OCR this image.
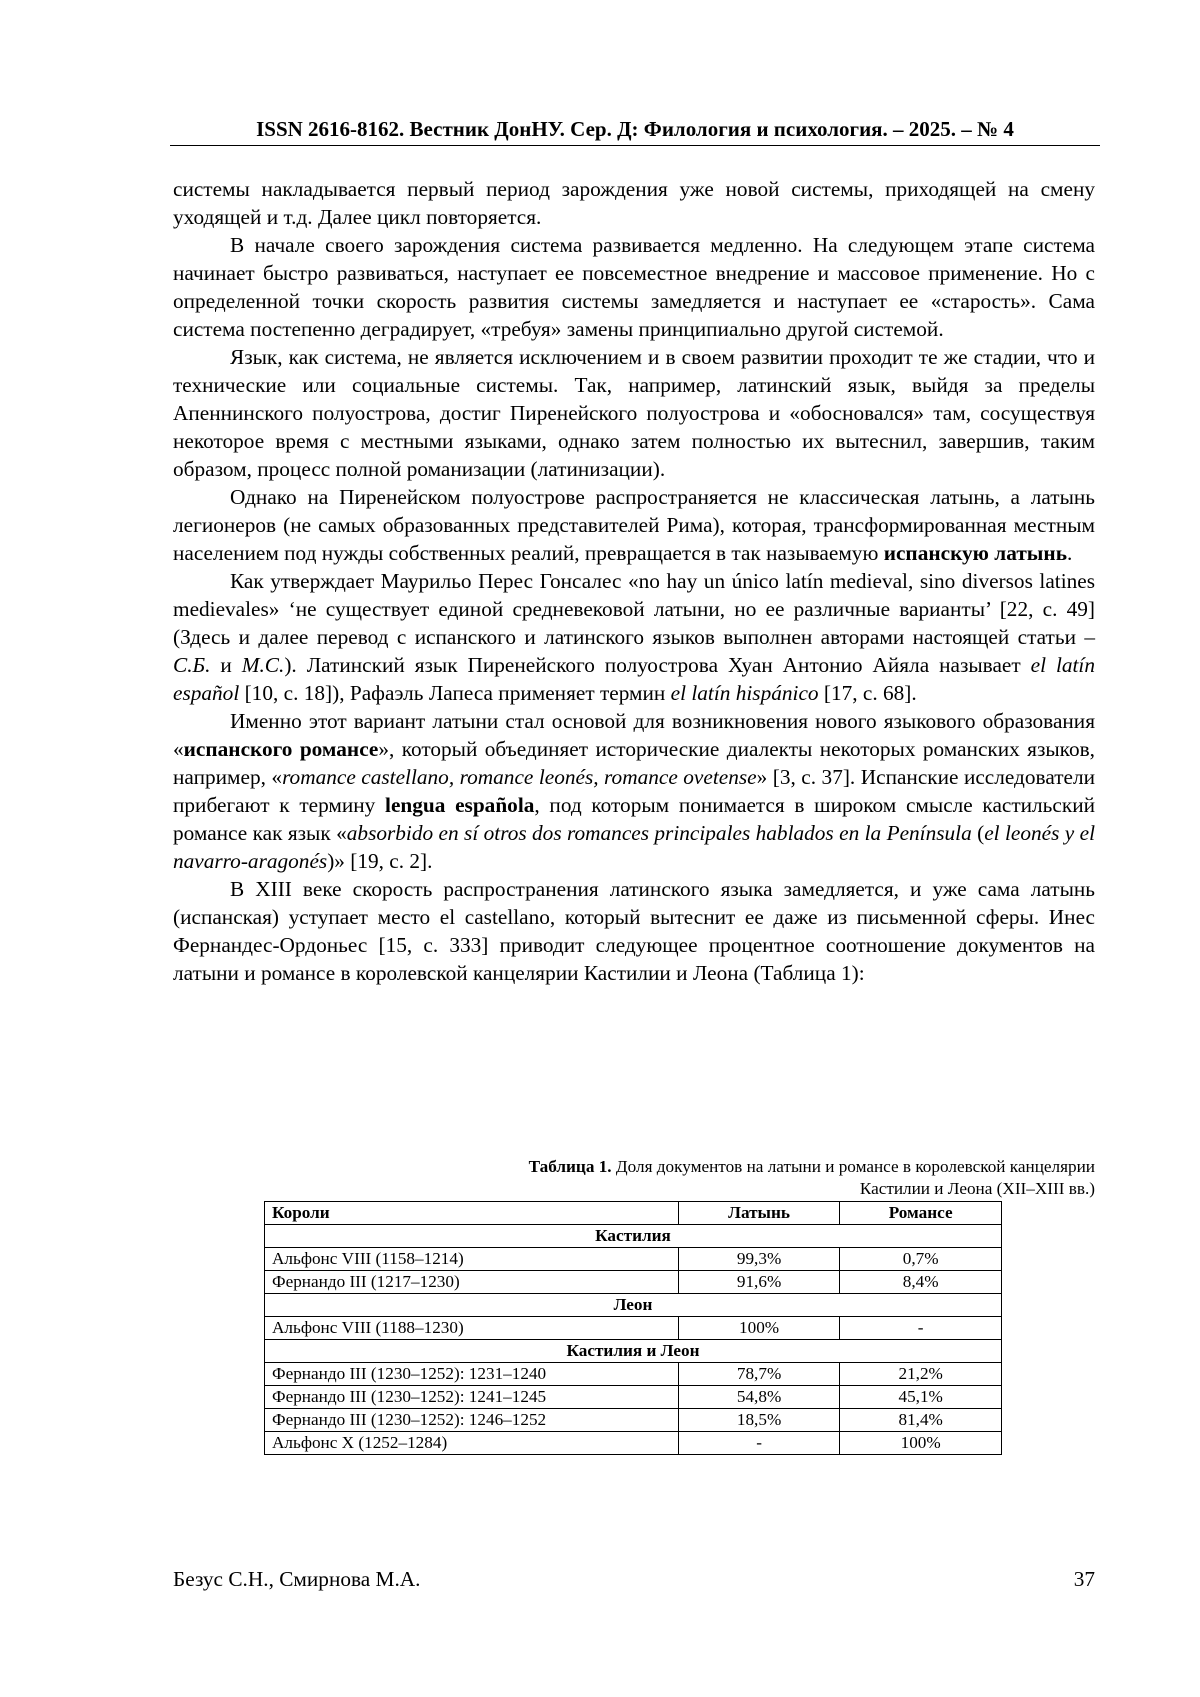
ISSN 2616-8162. Вестник ДонНУ. Сер. Д: Филология и психология. – 2025. – № 4

системы накладывается первый период зарождения уже новой системы, приходящей на смену уходящей и т.д. Далее цикл повторяется.

В начале своего зарождения система развивается медленно. На следующем этапе система начинает быстро развиваться, наступает ее повсеместное внедрение и массовое применение. Но с определенной точки скорость развития системы замедляется и наступает ее «старость». Сама система постепенно деградирует, «требуя» замены принципиально другой системой.

Язык, как система, не является исключением и в своем развитии проходит те же стадии, что и технические или социальные системы. Так, например, латинский язык, выйдя за пределы Апеннинского полуострова, достиг Пиренейского полуострова и «обосновался» там, сосуществуя некоторое время с местными языками, однако затем полностью их вытеснил, завершив, таким образом, процесс полной романизации (латинизации).

Однако на Пиренейском полуострове распространяется не классическая латынь, а латынь легионеров (не самых образованных представителей Рима), которая, трансформированная местным населением под нужды собственных реалий, превращается в так называемую испанскую латынь.

Как утверждает Маурильо Перес Гонсалес «no hay un único latín medieval, sino diversos latines medievales» ‘не существует единой средневековой латыни, но ее различные варианты’ [22, с. 49] (Здесь и далее перевод с испанского и латинского языков выполнен авторами настоящей статьи – С.Б. и М.С.). Латинский язык Пиренейского полуострова Хуан Антонио Айяла называет el latín español [10, с. 18]), Рафаэль Лапеса применяет термин el latín hispánico [17, с. 68].

Именно этот вариант латыни стал основой для возникновения нового языкового образования «испанского романсе», который объединяет исторические диалекты некоторых романских языков, например, «romance castellano, romance leonés, romance ovetense» [3, с. 37]. Испанские исследователи прибегают к термину lengua española, под которым понимается в широком смысле кастильский романсе как язык «absorbido en sí otros dos romances principales hablados en la Península (el leonés y el navarro-aragonés)» [19, с. 2].

В XIII веке скорость распространения латинского языка замедляется, и уже сама латынь (испанская) уступает место el castellano, который вытеснит ее даже из письменной сферы. Инес Фернандес-Ордоньес [15, с. 333] приводит следующее процентное соотношение документов на латыни и романсе в королевской канцелярии Кастилии и Леона (Таблица 1):

Таблица 1. Доля документов на латыни и романсе в королевской канцелярии
Кастилии и Леона (XII–XIII вв.)
Короли	Латынь	Романсе
Кастилия		
Альфонс VIII (1158–1214)	99,3%	0,7%
Фернандо III (1217–1230)	91,6%	8,4%
Леон		
Альфонс VIII (1188–1230)	100%	-
Кастилия и Леон		
Фернандо III (1230–1252): 1231–1240	78,7%	21,2%
Фернандо III (1230–1252): 1241–1245	54,8%	45,1%
Фернандо III (1230–1252): 1246–1252	18,5%	81,4%
Альфонс X (1252–1284)	-	100%
Безус С.Н., Смирнова М.А.	37
